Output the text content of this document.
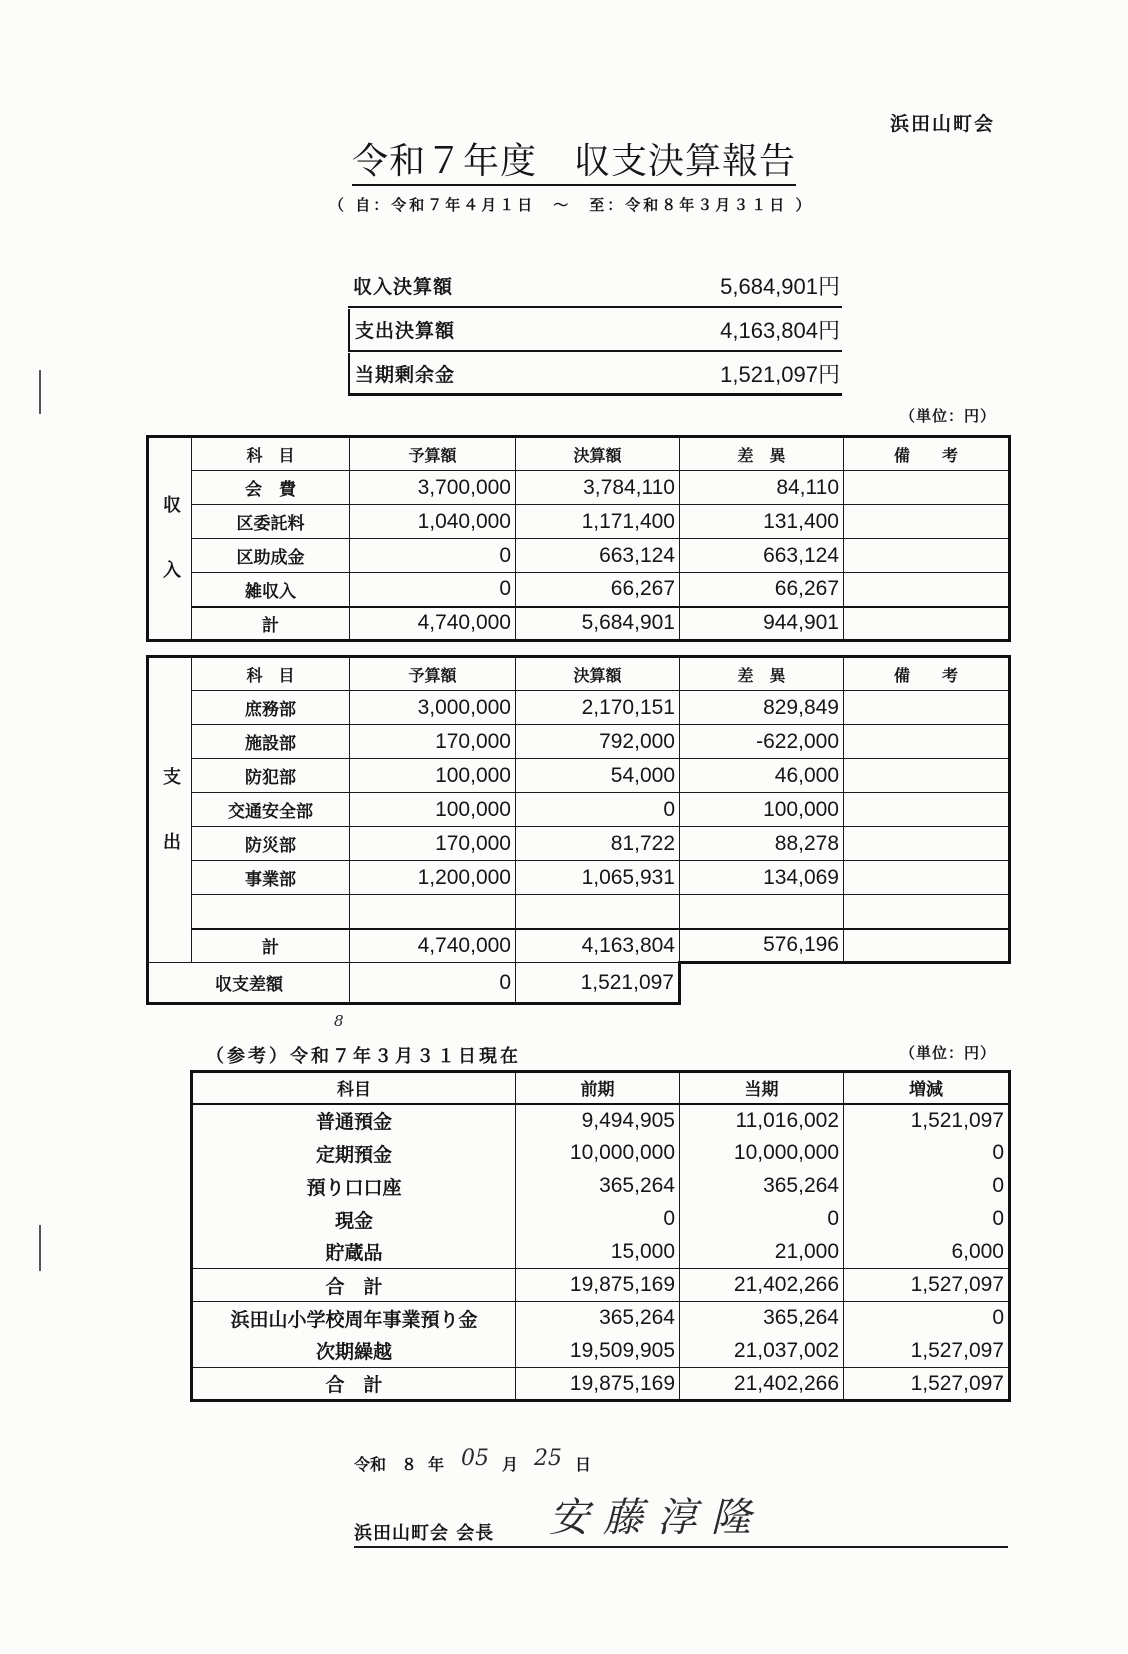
浜田山町会
令和７年度　収支決算報告
（ 自：令和７年４月１日　～　至：令和８年３月３１日 ）
収入決算額	5,684,901円
支出決算額	4,163,804円
当期剰余金	1,521,097円
（単位：円）
収入	科　目	予算額	決算額	差　異	備　　考
	会　費	3,700,000	3,784,110	84,110	
	区委託料	1,040,000	1,171,400	131,400	
	区助成金	0	663,124	663,124	
	雑収入	0	66,267	66,267	
	計	4,740,000	5,684,901	944,901	
支出	科　目	予算額	決算額	差　異	備　　考
	庶務部	3,000,000	2,170,151	829,849	
	施設部	170,000	792,000	-622,000	
	防犯部	100,000	54,000	46,000	
	交通安全部	100,000	0	100,000	
	防災部	170,000	81,722	88,278	
	事業部	1,200,000	1,065,931	134,069	

	計	4,740,000	4,163,804	576,196	
収支差額		0	1,521,097		
8
（参考）令和７年３月３１日現在	（単位：円）
科目	前期	当期	増減
普通預金	9,494,905	11,016,002	1,521,097
定期預金	10,000,000	10,000,000	0
預り口口座	365,264	365,264	0
現金	0	0	0
貯蔵品	15,000	21,000	6,000
合　計	19,875,169	21,402,266	1,527,097
浜田山小学校周年事業預り金	365,264	365,264	0
次期繰越	19,509,905	21,037,002	1,527,097
合　計	19,875,169	21,402,266	1,527,097
令和 ８ 年 05 月 25 日
浜田山町会 会長 安藤淳隆
